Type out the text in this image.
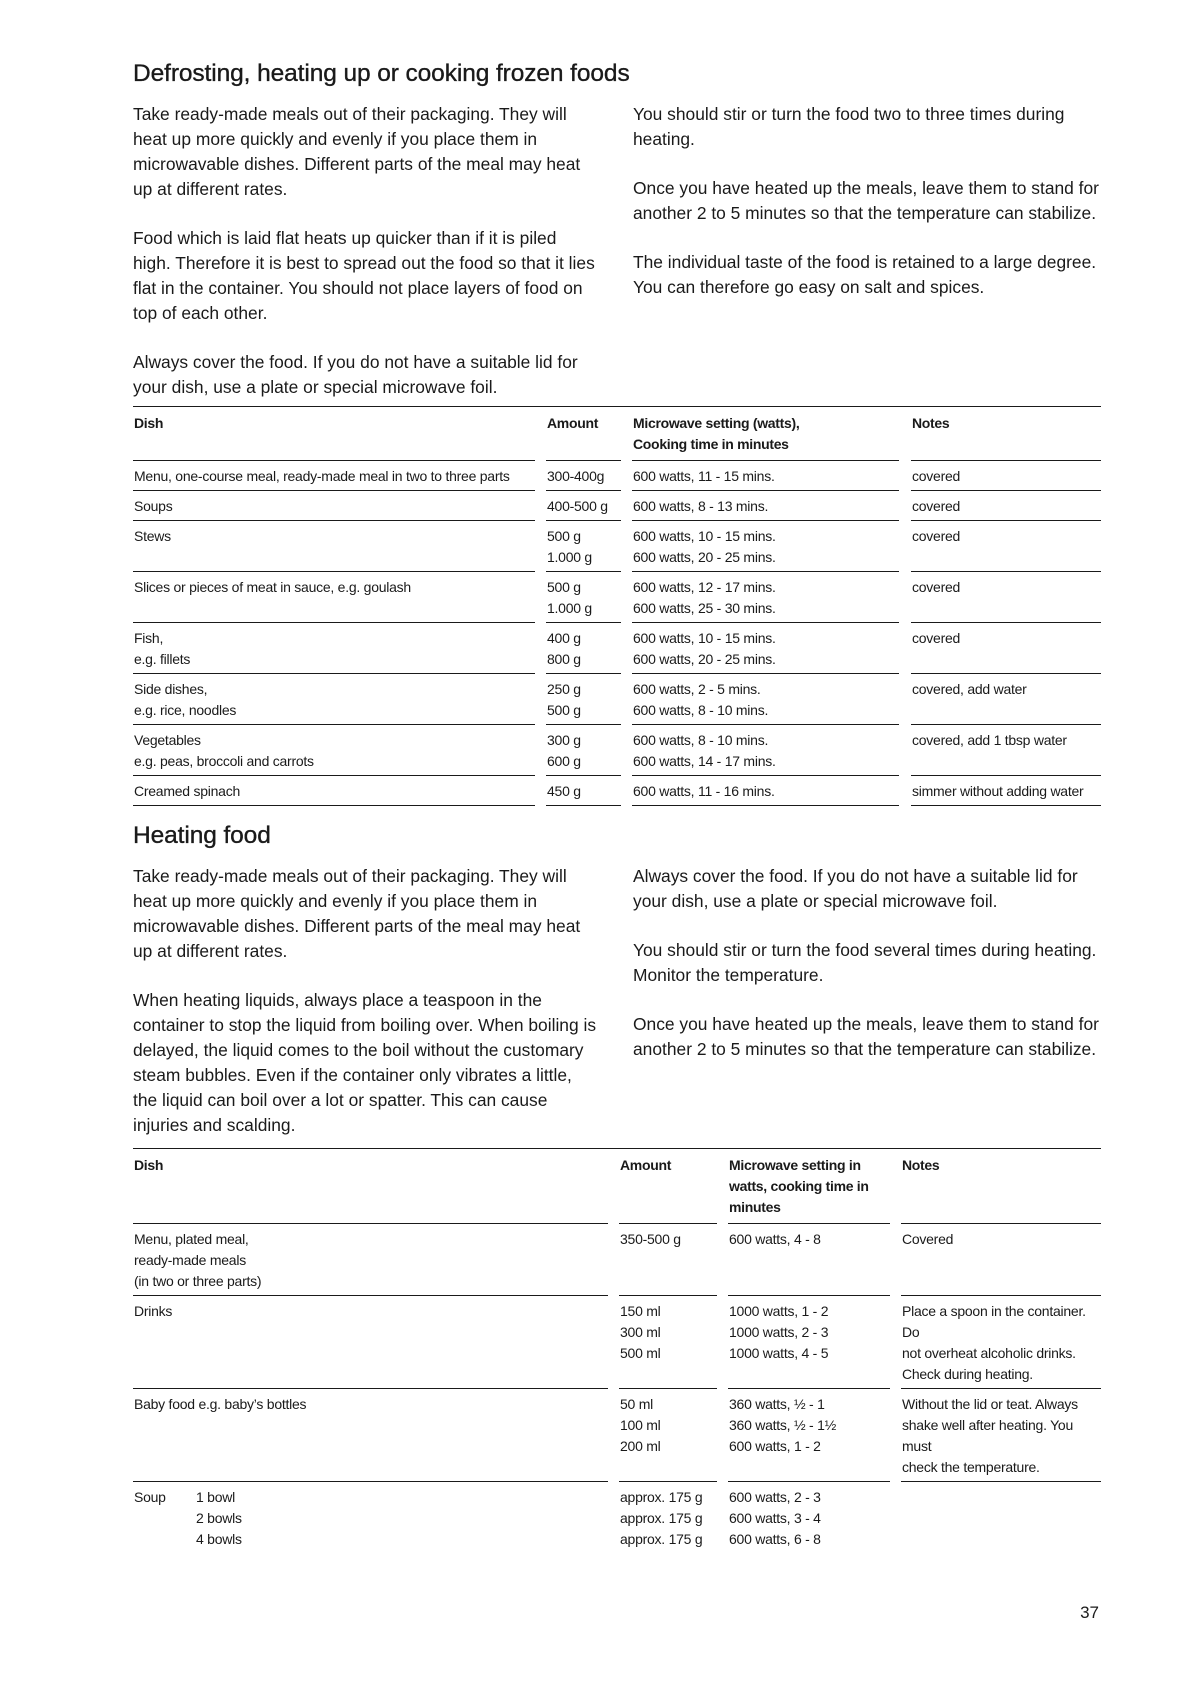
Defrosting, heating up or cooking frozen foods

Take ready-made meals out of their packaging. They will heat up more quickly and evenly if you place them in microwavable dishes. Different parts of the meal may heat up at different rates.

Food which is laid flat heats up quicker than if it is piled high. Therefore it is best to spread out the food so that it lies flat in the container. You should not place layers of food on top of each other.

Always cover the food. If you do not have a suitable lid for your dish, use a plate or special microwave foil.

You should stir or turn the food two to three times during heating.

Once you have heated up the meals, leave them to stand for another 2 to 5 minutes so that the temperature can stabilize.

The individual taste of the food is retained to a large degree. You can therefore go easy on salt and spices.

Dish		Amount		Microwave setting (watts),
Cooking time in minutes		Notes

Menu, one-course meal, ready-made meal in two to three parts		300-400g		600 watts, 11 - 15 mins.		covered

Soups		400-500 g		600 watts, 8 - 13 mins.		covered

Stews		500 g
1.000 g		600 watts, 10 - 15 mins.
600 watts, 20 - 25 mins.		covered

Slices or pieces of meat in sauce, e.g. goulash		500 g
1.000 g		600 watts, 12 - 17 mins.
600 watts, 25 - 30 mins.		covered

Fish,
e.g. fillets		400 g
800 g		600 watts, 10 - 15 mins.
600 watts, 20 - 25 mins.		covered

Side dishes,
e.g. rice, noodles		250 g
500 g		600 watts, 2 - 5 mins.
600 watts, 8 - 10 mins.		covered, add water

Vegetables
e.g. peas, broccoli and carrots		300 g
600 g		600 watts, 8 - 10 mins.
600 watts, 14 - 17 mins.		covered, add 1 tbsp water

Creamed spinach		450 g		600 watts, 11 - 16 mins.		simmer without adding water
Heating food

Take ready-made meals out of their packaging. They will heat up more quickly and evenly if you place them in microwavable dishes. Different parts of the meal may heat up at different rates.

When heating liquids, always place a teaspoon in the container to stop the liquid from boiling over. When boiling is delayed, the liquid comes to the boil without the customary steam bubbles. Even if the container only vibrates a little, the liquid can boil over a lot or spatter. This can cause injuries and scalding.

Always cover the food. If you do not have a suitable lid for your dish, use a plate or special microwave foil.

You should stir or turn the food several times during heating. Monitor the temperature.

Once you have heated up the meals, leave them to stand for another 2 to 5 minutes so that the temperature can stabilize.

Dish		Amount		Microwave setting in
watts, cooking time in
minutes		Notes

Menu, plated meal,
ready-made meals
(in two or three parts)		350-500 g		600 watts, 4 - 8		Covered

Drinks		150 ml
300 ml
500 ml		1000 watts, 1 - 2
1000 watts, 2 - 3
1000 watts, 4 - 5		Place a spoon in the container. Do
not overheat alcoholic drinks.
Check during heating.

Baby food e.g. baby’s bottles		50 ml
100 ml
200 ml		360 watts, ½ - 1
360 watts, ½ - 1½
600 watts, 1 - 2		Without the lid or teat. Always
shake well after heating. You must
check the temperature.

Soup 1 bowl
2 bowls
4 bowls		approx. 175 g
approx. 175 g
approx. 175 g		600 watts, 2 - 3
600 watts, 3 - 4
600 watts, 6 - 8		

37
